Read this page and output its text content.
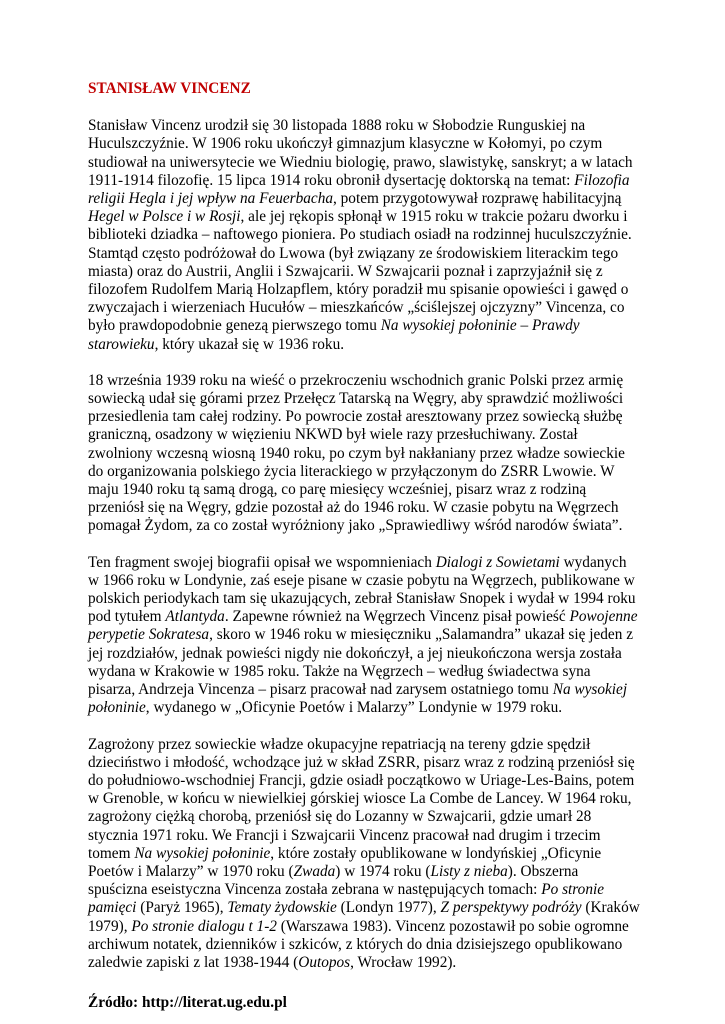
STANISŁAW VINCENZ

Stanisław Vincenz urodził się 30 listopada 1888 roku w Słobodzie Runguskiej na Huculszczyźnie. W 1906 roku ukończył gimnazjum klasyczne w Kołomyi, po czym studiował na uniwersytecie we Wiedniu biologię, prawo, slawistykę, sanskryt; a w latach 1911-1914 filozofię. 15 lipca 1914 roku obronił dysertację doktorską na temat: Filozofia religii Hegla i jej wpływ na Feuerbacha, potem przygotowywał rozprawę habilitacyjną Hegel w Polsce i w Rosji, ale jej rękopis spłonął w 1915 roku w trakcie pożaru dworku i biblioteki dziadka – naftowego pioniera. Po studiach osiadł na rodzinnej huculszczyźnie. Stamtąd często podróżował do Lwowa (był związany ze środowiskiem literackim tego miasta) oraz do Austrii, Anglii i Szwajcarii. W Szwajcarii poznał i zaprzyjaźnił się z filozofem Rudolfem Marią Holzapflem, który poradził mu spisanie opowieści i gawęd o zwyczajach i wierzeniach Hucułów – mieszkańców „ściślejszej ojczyzny” Vincenza, co było prawdopodobnie genezą pierwszego tomu Na wysokiej połoninie – Prawdy starowieku, który ukazał się w 1936 roku.

18 września 1939 roku na wieść o przekroczeniu wschodnich granic Polski przez armię sowiecką udał się górami przez Przełęcz Tatarską na Węgry, aby sprawdzić możliwości przesiedlenia tam całej rodziny. Po powrocie został aresztowany przez sowiecką służbę graniczną, osadzony w więzieniu NKWD był wiele razy przesłuchiwany. Został zwolniony wczesną wiosną 1940 roku, po czym był nakłaniany przez władze sowieckie do organizowania polskiego życia literackiego w przyłączonym do ZSRR Lwowie. W maju 1940 roku tą samą drogą, co parę miesięcy wcześniej, pisarz wraz z rodziną przeniósł się na Węgry, gdzie pozostał aż do 1946 roku. W czasie pobytu na Węgrzech pomagał Żydom, za co został wyróżniony jako „Sprawiedliwy wśród narodów świata”.

Ten fragment swojej biografii opisał we wspomnieniach Dialogi z Sowietami wydanych w 1966 roku w Londynie, zaś eseje pisane w czasie pobytu na Węgrzech, publikowane w polskich periodykach tam się ukazujących, zebrał Stanisław Snopek i wydał w 1994 roku pod tytułem Atlantyda. Zapewne również na Węgrzech Vincenz pisał powieść Powojenne perypetie Sokratesa, skoro w 1946 roku w miesięczniku „Salamandra” ukazał się jeden z jej rozdziałów, jednak powieści nigdy nie dokończył, a jej nieukończona wersja została wydana w Krakowie w 1985 roku. Także na Węgrzech – według świadectwa syna pisarza, Andrzeja Vincenza – pisarz pracował nad zarysem ostatniego tomu Na wysokiej połoninie, wydanego w „Oficynie Poetów i Malarzy” Londynie w 1979 roku.

Zagrożony przez sowieckie władze okupacyjne repatriacją na tereny gdzie spędził dzieciństwo i młodość, wchodzące już w skład ZSRR, pisarz wraz z rodziną przeniósł się do południowo-wschodniej Francji, gdzie osiadł początkowo w Uriage-Les-Bains, potem w Grenoble, w końcu w niewielkiej górskiej wiosce La Combe de Lancey. W 1964 roku, zagrożony ciężką chorobą, przeniósł się do Lozanny w Szwajcarii, gdzie umarł 28 stycznia 1971 roku. We Francji i Szwajcarii Vincenz pracował nad drugim i trzecim tomem Na wysokiej połoninie, które zostały opublikowane w londyńskiej „Oficynie Poetów i Malarzy” w 1970 roku (Zwada) w 1974 roku (Listy z nieba). Obszerna spuścizna eseistyczna Vincenza została zebrana w następujących tomach: Po stronie pamięci (Paryż 1965), Tematy żydowskie (Londyn 1977), Z perspektywy podróży (Kraków 1979), Po stronie dialogu t 1-2 (Warszawa 1983). Vincenz pozostawił po sobie ogromne archiwum notatek, dzienników i szkiców, z których do dnia dzisiejszego opublikowano zaledwie zapiski z lat 1938-1944 (Outopos, Wrocław 1992).

Źródło: http://literat.ug.edu.pl
